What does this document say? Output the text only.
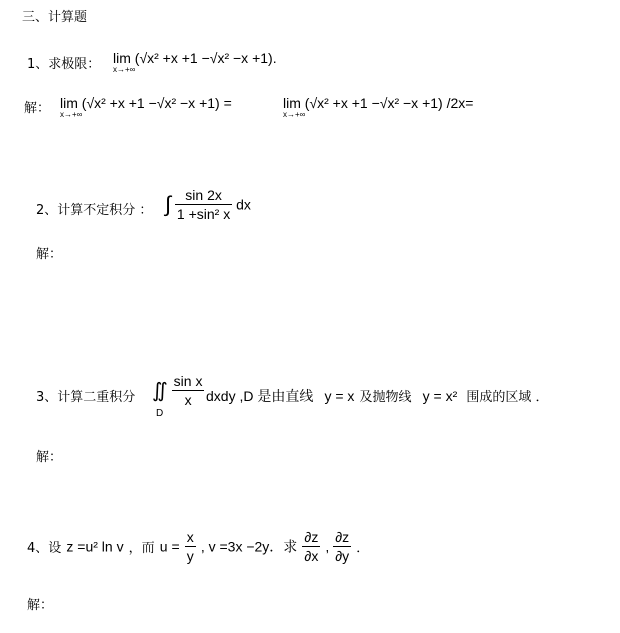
三、计算题
1、求极限： lim
x→+∞
(√x² +x +1 −√x² −x +1).
解： lim
x→+∞
(√x² +x +1 −√x² −x +1) =	lim
x→+∞
(√x² +x +1 −√x² −x +1) /2x=
2、计算不定积分 ： ∫ $\frac{\sin 2x}{\text{1 +sin² x}}$ dx
解：
3、计算二重积分 ∬
D

$\frac{\text{sin x}}{x}$ dxdy ,D 是由直线 y = x 及抛物线 y = x² 围成的区域 ．
解：
4、设 z =u² ln v ，而 $u = \frac{x}{y}$ , v =3x −2y．求 $\frac{\partial z}{\partial x}$ , $\frac{\partial z}{\partial y}$ ．
解：
